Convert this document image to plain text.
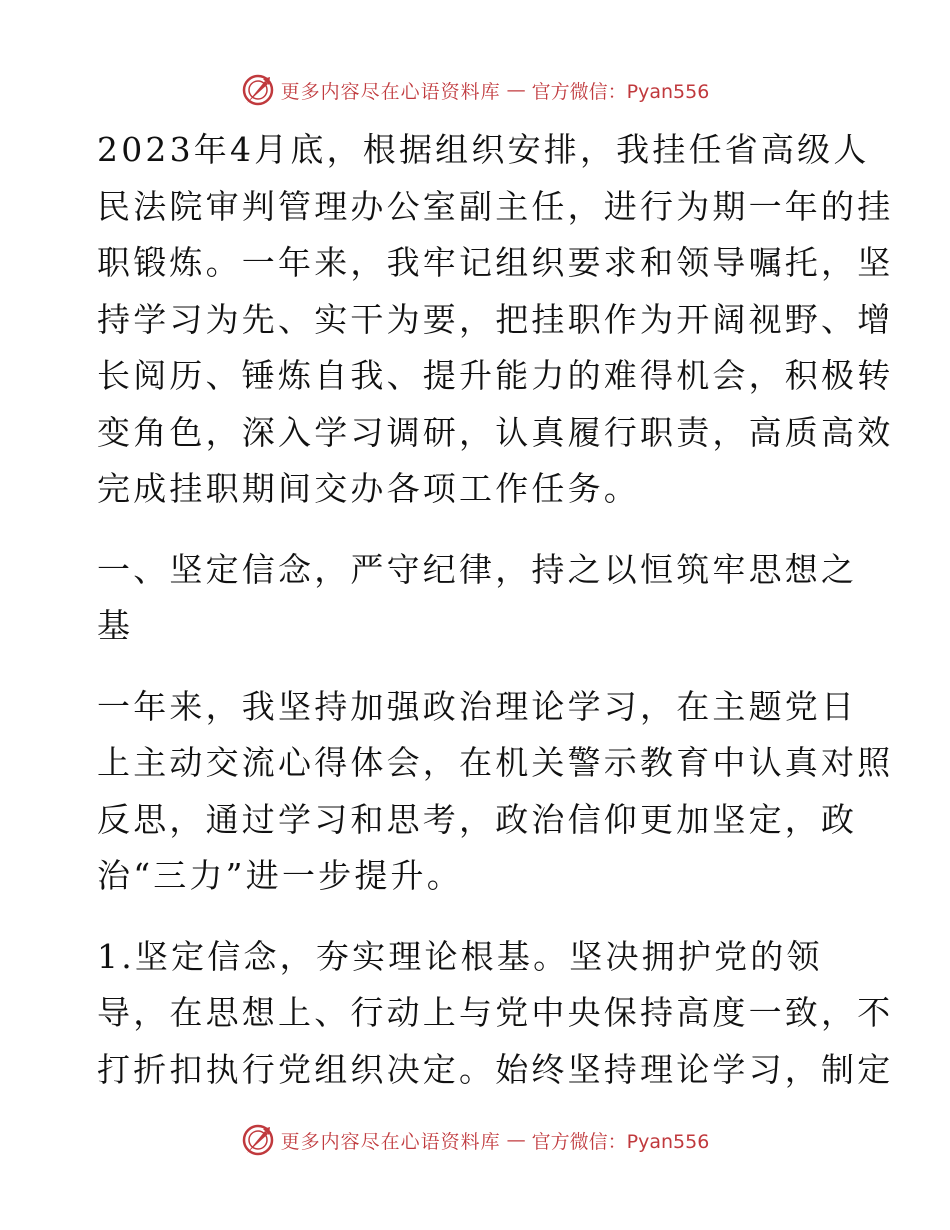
更多内容尽在心语资料库 — 官方微信：Pyan556

2023年4月底，根据组织安排，我挂任省高级人
民法院审判管理办公室副主任，进行为期一年的挂
职锻炼。一年来，我牢记组织要求和领导嘱托，坚
持学习为先、实干为要，把挂职作为开阔视野、增
长阅历、锤炼自我、提升能力的难得机会，积极转
变角色，深入学习调研，认真履行职责，高质高效
完成挂职期间交办各项工作任务。

一、坚定信念，严守纪律，持之以恒筑牢思想之
基

一年来，我坚持加强政治理论学习，在主题党日
上主动交流心得体会，在机关警示教育中认真对照
反思，通过学习和思考，政治信仰更加坚定，政
治“三力”进一步提升。

1.坚定信念，夯实理论根基。坚决拥护党的领
导，在思想上、行动上与党中央保持高度一致，不
打折扣执行党组织决定。始终坚持理论学习，制定

更多内容尽在心语资料库 — 官方微信：Pyan556
